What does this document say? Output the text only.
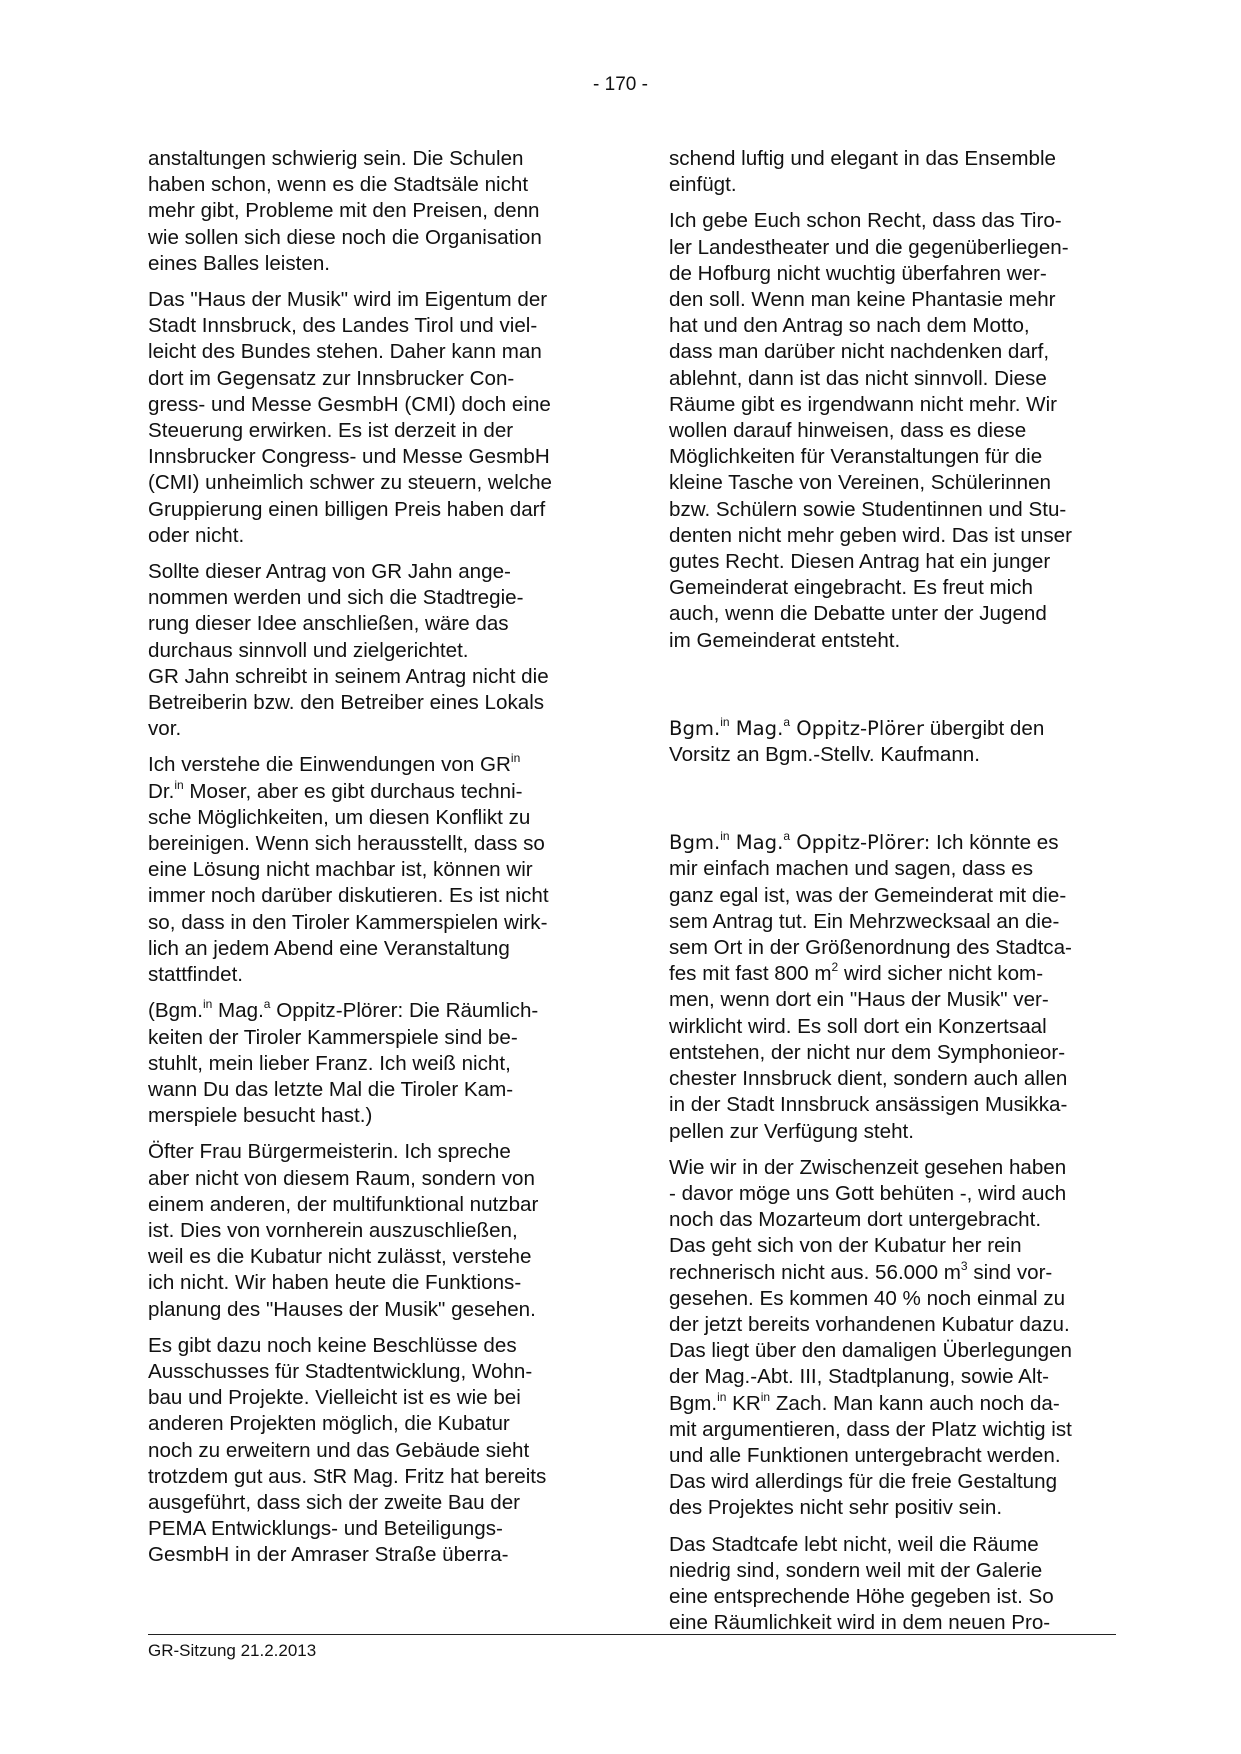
- 170 -
anstaltungen schwierig sein. Die Schulen
haben schon, wenn es die Stadtsäle nicht
mehr gibt, Probleme mit den Preisen, denn
wie sollen sich diese noch die Organisation
eines Balles leisten.
Das "Haus der Musik" wird im Eigentum der
Stadt Innsbruck, des Landes Tirol und viel-
leicht des Bundes stehen. Daher kann man
dort im Gegensatz zur Innsbrucker Con-
gress- und Messe GesmbH (CMI) doch eine
Steuerung erwirken. Es ist derzeit in der
Innsbrucker Congress- und Messe GesmbH
(CMI) unheimlich schwer zu steuern, welche
Gruppierung einen billigen Preis haben darf
oder nicht.
Sollte dieser Antrag von GR Jahn ange-
nommen werden und sich die Stadtregie-
rung dieser Idee anschließen, wäre das
durchaus sinnvoll und zielgerichtet.
GR Jahn schreibt in seinem Antrag nicht die
Betreiberin bzw. den Betreiber eines Lokals
vor.
Ich verstehe die Einwendungen von $GR^{in}$
Dr.$^{in}$ Moser, aber es gibt durchaus techni-
sche Möglichkeiten, um diesen Konflikt zu
bereinigen. Wenn sich herausstellt, dass so
eine Lösung nicht machbar ist, können wir
immer noch darüber diskutieren. Es ist nicht
so, dass in den Tiroler Kammerspielen wirk-
lich an jedem Abend eine Veranstaltung
stattfindet.
(Bgm.$^{in}$ Mag.$^a$ Oppitz-Plörer: Die Räumlich-
keiten der Tiroler Kammerspiele sind be-
stuhlt, mein lieber Franz. Ich weiß nicht,
wann Du das letzte Mal die Tiroler Kam-
merspiele besucht hast.)
Öfter Frau Bürgermeisterin. Ich spreche
aber nicht von diesem Raum, sondern von
einem anderen, der multifunktional nutzbar
ist. Dies von vornherein auszuschließen,
weil es die Kubatur nicht zulässt, verstehe
ich nicht. Wir haben heute die Funktions-
planung des "Hauses der Musik" gesehen.
Es gibt dazu noch keine Beschlüsse des
Ausschusses für Stadtentwicklung, Wohn-
bau und Projekte. Vielleicht ist es wie bei
anderen Projekten möglich, die Kubatur
noch zu erweitern und das Gebäude sieht
trotzdem gut aus. StR Mag. Fritz hat bereits
ausgeführt, dass sich der zweite Bau der
PEMA Entwicklungs- und Beteiligungs-
GesmbH in der Amraser Straße überra-
schend luftig und elegant in das Ensemble
einfügt.
Ich gebe Euch schon Recht, dass das Tiro-
ler Landestheater und die gegenüberliegen-
de Hofburg nicht wuchtig überfahren wer-
den soll. Wenn man keine Phantasie mehr
hat und den Antrag so nach dem Motto,
dass man darüber nicht nachdenken darf,
ablehnt, dann ist das nicht sinnvoll. Diese
Räume gibt es irgendwann nicht mehr. Wir
wollen darauf hinweisen, dass es diese
Möglichkeiten für Veranstaltungen für die
kleine Tasche von Vereinen, Schülerinnen
bzw. Schülern sowie Studentinnen und Stu-
denten nicht mehr geben wird. Das ist unser
gutes Recht. Diesen Antrag hat ein junger
Gemeinderat eingebracht. Es freut mich
auch, wenn die Debatte unter der Jugend
im Gemeinderat entsteht.
Bgm.$^{in}$ Mag.$^a$ Oppitz-Plörer übergibt den
Vorsitz an Bgm.-Stellv. Kaufmann.
Bgm.$^{in}$ Mag.$^a$ Oppitz-Plörer: Ich könnte es
mir einfach machen und sagen, dass es
ganz egal ist, was der Gemeinderat mit die-
sem Antrag tut. Ein Mehrzwecksaal an die-
sem Ort in der Größenordnung des Stadtca-
fes mit fast 800 $m^2$ wird sicher nicht kom-
men, wenn dort ein "Haus der Musik" ver-
wirklicht wird. Es soll dort ein Konzertsaal
entstehen, der nicht nur dem Symphonieor-
chester Innsbruck dient, sondern auch allen
in der Stadt Innsbruck ansässigen Musikka-
pellen zur Verfügung steht.
Wie wir in der Zwischenzeit gesehen haben
- davor möge uns Gott behüten -, wird auch
noch das Mozarteum dort untergebracht.
Das geht sich von der Kubatur her rein
rechnerisch nicht aus. 56.000 $m^3$ sind vor-
gesehen. Es kommen 40 % noch einmal zu
der jetzt bereits vorhandenen Kubatur dazu.
Das liegt über den damaligen Überlegungen
der Mag.-Abt. III, Stadtplanung, sowie Alt-
Bgm.$^{in}$ $KR^{in}$ Zach. Man kann auch noch da-
mit argumentieren, dass der Platz wichtig ist
und alle Funktionen untergebracht werden.
Das wird allerdings für die freie Gestaltung
des Projektes nicht sehr positiv sein.
Das Stadtcafe lebt nicht, weil die Räume
niedrig sind, sondern weil mit der Galerie
eine entsprechende Höhe gegeben ist. So
eine Räumlichkeit wird in dem neuen Pro-
GR-Sitzung 21.2.2013
